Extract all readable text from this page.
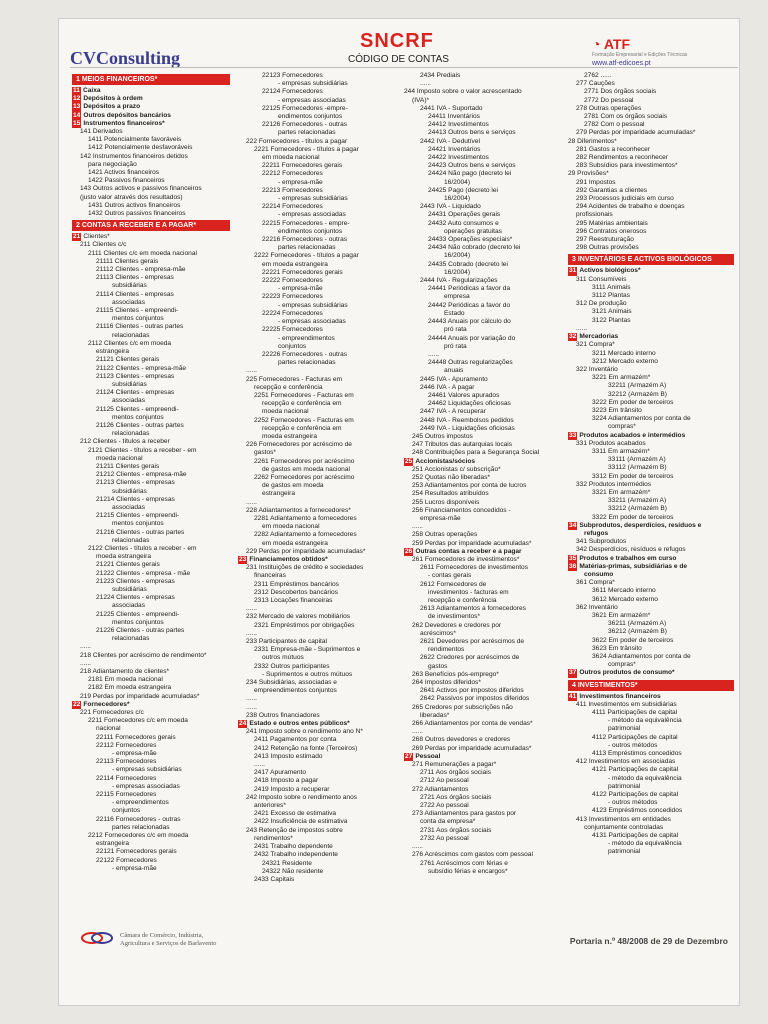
CVConsulting
SNCRF
CÓDIGO DE CONTAS
◔ ATF
Formação Empresarial e Edições Técnicas
www.atf-edicoes.pt
1 MEIOS FINANCEIROS*
11 Caixa
12 Depósitos à ordem
13 Depósitos a prazo
14 Outros depósitos bancários
15 Instrumentos financeiros*
141 Derivados
1411 Potencialmente favoráveis
1412 Potencialmente desfavoráveis
142 Instrumentos financeiros detidos
para negociação
1421 Activos financeiros
1422 Passivos financeiros
143 Outros activos e passivos financeiros
(justo valor através dos resultados)
1431 Outros activos financeiros
1432 Outros passivos financeiros
2 CONTAS A RECEBER E A PAGAR*
21 Clientes*
211 Clientes c/c
2111 Clientes c/c em moeda nacional
21111 Clientes gerais
21112 Clientes - empresa-mãe
21113 Clientes - empresas
subsidiárias
21114 Clientes - empresas
associadas
21115 Clientes - empreendi-
mentos conjuntos
21116 Clientes - outras partes
relacionadas
2112 Clientes c/c em moeda
estrangeira
21121 Clientes gerais
21122 Clientes - empresa-mãe
21123 Clientes - empresas
subsidiárias
21124 Clientes - empresas
associadas
21125 Clientes - empreendi-
mentos conjuntos
21126 Clientes - outras partes
relacionadas
212 Clientes - títulos a receber
2121 Clientes - títulos a receber - em
moeda nacional
21211 Clientes gerais
21212 Clientes - empresa-mãe
21213 Clientes - empresas
subsidiárias
21214 Clientes - empresas
associadas
21215 Clientes - empreendi-
mentos conjuntos
21216 Clientes - outras partes
relacionadas
2122 Clientes - títulos a receber - em
moeda estrangeira
21221 Clientes gerais
21222 Clientes - empresa - mãe
21223 Clientes - empresas
subsidiárias
21224 Clientes - empresas
associadas
21225 Clientes - empreendi-
mentos conjuntos
21226 Clientes - outras partes
relacionadas
......
218 Clientes por acréscimo de rendimento*
......
218 Adiantamento de clientes*
2181 Em moeda nacional
2182 Em moeda estrangeira
219 Perdas por imparidade acumuladas*
22 Fornecedores*
221 Fornecedores c/c
2211 Fornecedores c/c em moeda
nacional
22111 Fornecedores gerais
22112 Fornecedores
- empresa-mãe
22113 Fornecedores
- empresas subsidiárias
22114 Fornecedores
- empresas associadas
22115 Fornecedores
- empreendimentos
conjuntos
22116 Fornecedores - outras
partes relacionadas
2212 Fornecedores c/c em moeda
estrangeira
22121 Fornecedores gerais
22122 Fornecedores
- empresa-mãe
22123 Fornecedores
- empresas subsidiárias
22124 Fornecedores
- empresas associadas
22125 Fornecedores -empre-
endimentos conjuntos
22126 Fornecedores - outras
partes relacionadas
222 Fornecedores - títulos a pagar
2221 Fornecedores - títulos a pagar
em moeda nacional
22211 Fornecedores gerais
22212 Fornecedores
- empresa-mãe
22213 Fornecedores
- empresas subsidiárias
22214 Fornecedores
- empresas associadas
22215 Fornecedores - empre-
endimentos conjuntos
22216 Fornecedores - outras
partes relacionadas
2222 Fornecedores - títulos a pagar
em moeda estrangeira
22221 Fornecedores gerais
22222 Fornecedores
- empresa-mãe
22223 Fornecedores
- empresas subsidiárias
22224 Fornecedores
- empresas associadas
22225 Fornecedores
- empreendimentos
conjuntos
22226 Fornecedores - outras
partes relacionadas
......
225 Fornecedores - Facturas em
recepção e conferência
2251 Fornecedores - Facturas em
recepção e conferência em
moeda nacional
2252 Fornecedores - Facturas em
recepção e conferência em
moeda estrangeira
226 Fornecedores por acréscimo de
gastos*
2261 Fornecedores por acréscimo
de gastos em moeda nacional
2262 Fornecedores por acréscimo
de gastos em moeda
estrangeira
......
228 Adiantamentos a fornecedores*
2281 Adiantamento a fornecedores
em moeda nacional
2282 Adiantamento a fornecedores
em moeda estrangeira
229 Perdas por imparidade acumuladas*
23 Financiamentos obtidos*
231 Instituições de crédito e sociedades
financeiras
2311 Empréstimos bancários
2312 Descobertos bancários
2313 Locações financeiras
......
232 Mercado de valores mobiliários
2321 Empréstimos por obrigações
......
233 Participantes de capital
2331 Empresa-mãe - Suprimentos e
outros mútuos
2332 Outros participantes
- Suprimentos e outros mútuos
234 Subsidiárias, associadas e
empreendimentos conjuntos
......
......
238 Outros financiadores
24 Estado e outros entes públicos*
241 Imposto sobre o rendimento ano N*
2411 Pagamentos por conta
2412 Retenção na fonte (Terceiros)
2413 Imposto estimado
......
2417 Apuramento
2418 Imposto a pagar
2419 Imposto a recuperar
242 Imposto sobre o rendimento anos
anteriores*
2421 Excesso de estimativa
2422 Insuficiência de estimativa
243 Retenção de impostos sobre
rendimentos*
2431 Trabalho dependente
2432 Trabalho independente
24321 Residente
24322 Não residente
2433 Capitais
2434 Prediais
......
244 Imposto sobre o valor acrescentado
(IVA)*
2441 IVA - Suportado
24411 Inventários
24412 Investimentos
24413 Outros bens e serviços
2442 IVA - Dedutível
24421 Inventários
24422 Investimentos
24423 Outros bens e serviços
24424 Não pago (decreto lei
16/2004)
24425 Pago (decreto lei
16/2004)
2443 IVA - Liquidado
24431 Operações gerais
24432 Auto consumos e
operações gratuitas
24433 Operações especiais*
24434 Não cobrado (decreto lei
16/2004)
24435 Cobrado (decreto lei
16/2004)
2444 IVA - Regularizações
24441 Periódicas a favor da
empresa
24442 Periódicas a favor do
Estado
24443 Anuais por cálculo do
pró rata
24444 Anuais por variação do
pró rata
......
24448 Outras regularizações
anuais
2445 IVA - Apuramento
2446 IVA - A pagar
24461 Valores apurados
24462 Liquidações oficiosas
2447 IVA - A recuperar
2448 IVA - Reembolsos pedidos
2449 IVA - Liquidações oficiosas
245 Outros impostos
247 Tributos das autarquias locais
248 Contribuições para a Segurança Social
25 Accionistas/sócios
251 Accionistas c/ subscrição*
252 Quotas não liberadas*
253 Adiantamentos por conta de lucros
254 Resultados atribuídos
255 Lucros disponíveis
256 Financiamentos concedidos -
empresa-mãe
......
258 Outras operações
259 Perdas por imparidade acumuladas*
26 Outras contas a receber e a pagar
261 Fornecedores de investimentos*
2611 Fornecedores de investimentos
- contas gerais
2612 Fornecedores de
investimentos - facturas em
recepção e conferência
2613 Adiantamentos a fornecedores
de investimentos*
262 Devedores e credores por
acréscimos*
2621 Devedores por acréscimos de
rendimentos
2622 Credores por acréscimos de
gastos
263 Benefícios pós-emprego*
264 Impostos diferidos*
2641 Activos por impostos diferidos
2642 Passivos por impostos diferidos
265 Credores por subscrições não
liberadas*
266 Adiantamentos por conta de vendas*
......
268 Outros devedores e credores
269 Perdas por imparidade acumuladas*
27 Pessoal
271 Remunerações a pagar*
2711 Aos órgãos sociais
2712 Ao pessoal
272 Adiantamentos
2721 Aos órgãos sociais
2722 Ao pessoal
273 Adiantamentos para gastos por
conta da empresa*
2731 Aos órgãos sociais
2732 Ao pessoal
......
276 Acréscimos com gastos com pessoal
2761 Acréscimos com férias e
subsídio férias e encargos*
2762 ......
277 Cauções
2771 Dos órgãos sociais
2772 Do pessoal
278 Outras operações
2781 Com os órgãos sociais
2782 Com o pessoal
279 Perdas por imparidade acumuladas*
28 Diferimentos*
281 Gastos a reconhecer
282 Rendimentos a reconhecer
283 Subsídios para investimentos*
29 Provisões*
291 Impostos
292 Garantias a clientes
293 Processos judiciais em curso
294 Acidentes de trabalho e doenças
profissionais
295 Matérias ambientais
296 Contratos onerosos
297 Reestruturação
298 Outras provisões
3 INVENTÁRIOS E ACTIVOS BIOLÓGICOS
31 Activos biológicos*
311 Consumíveis
3111 Animais
3112 Plantas
312 De produção
3121 Animais
3122 Plantas
......
32 Mercadorias
321 Compra*
3211 Mercado interno
3212 Mercado externo
322 Inventário
3221 Em armazém*
32211 (Armazém A)
32212 (Armazém B)
3222 Em poder de terceiros
3223 Em trânsito
3224 Adiantamentos por conta de
compras*
33 Produtos acabados e intermédios
331 Produtos acabados
3311 Em armazém*
33111 (Armazém A)
33112 (Armazém B)
3312 Em poder de terceiros
332 Produtos intermédios
3321 Em armazém*
33211 (Armazém A)
33212 (Armazém B)
3322 Em poder de terceiros
34 Subprodutos, desperdícios, resíduos e
refugos
341 Subprodutos
342 Desperdícios, resíduos e refugos
35 Produtos e trabalhos em curso
36 Matérias-primas, subsidiárias e de
consumo
361 Compra*
3611 Mercado interno
3612 Mercado externo
362 Inventário
3621 Em armazém*
36211 (Armazém A)
36212 (Armazém B)
3622 Em poder de terceiros
3623 Em trânsito
3624 Adiantamentos por conta de
compras*
37 Outros produtos de consumo*
4 INVESTIMENTOS*
41 Investimentos financeiros
411 Investimentos em subsidiárias
4111 Participações de capital
- método da equivalência
patrimonial
4112 Participações de capital
- outros métodos
4113 Empréstimos concedidos
412 Investimentos em associadas
4121 Participações de capital
- método da equivalência
patrimonial
4122 Participações de capital
- outros métodos
4123 Empréstimos concedidos
413 Investimentos em entidades
conjuntamente controladas
4131 Participações de capital
- método da equivalência
patrimonial
Câmara de Comércio, Indústria,
Agricultura e Serviços de Barlavento	Portaria n.º 48/2008 de 29 de Dezembro
